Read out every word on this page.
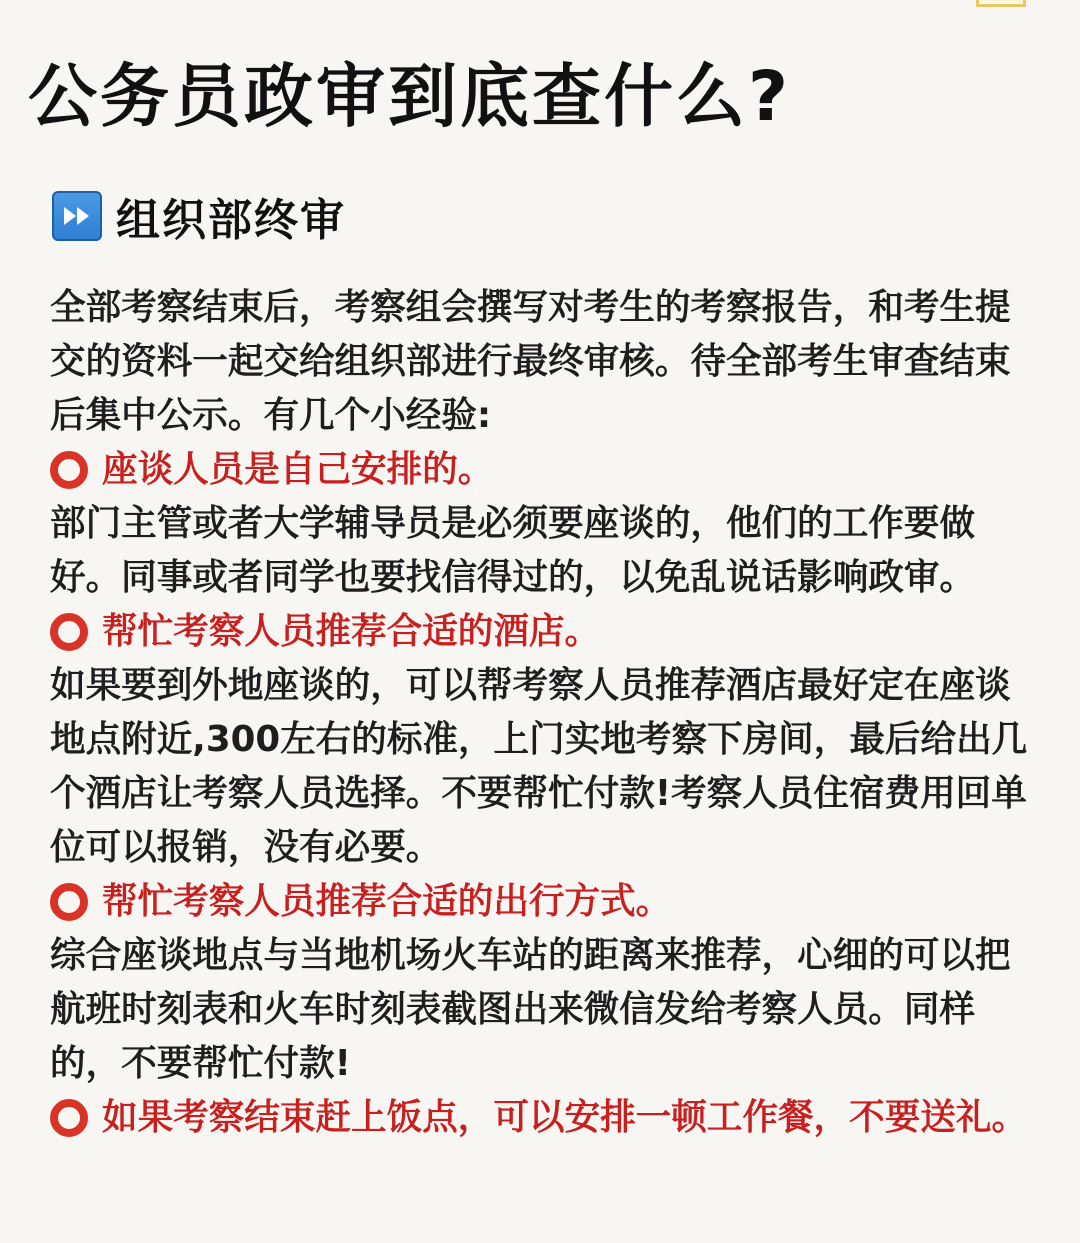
公务员政审到底查什么?
组织部终审

全部考察结束后，考察组会撰写对考生的考察报告，和考生提交的资料一起交给组织部进行最终审核。待全部考生审查结束后集中公示。有几个小经验:

座谈人员是自己安排的。

部门主管或者大学辅导员是必须要座谈的，他们的工作要做好。同事或者同学也要找信得过的，以免乱说话影响政审。

帮忙考察人员推荐合适的酒店。

如果要到外地座谈的，可以帮考察人员推荐酒店最好定在座谈地点附近,300左右的标准，上门实地考察下房间，最后给出几个酒店让考察人员选择。不要帮忙付款!考察人员住宿费用回单位可以报销，没有必要。

帮忙考察人员推荐合适的出行方式。

综合座谈地点与当地机场火车站的距离来推荐，心细的可以把航班时刻表和火车时刻表截图出来微信发给考察人员。同样的，不要帮忙付款!

如果考察结束赶上饭点，可以安排一顿工作餐，不要送礼。
